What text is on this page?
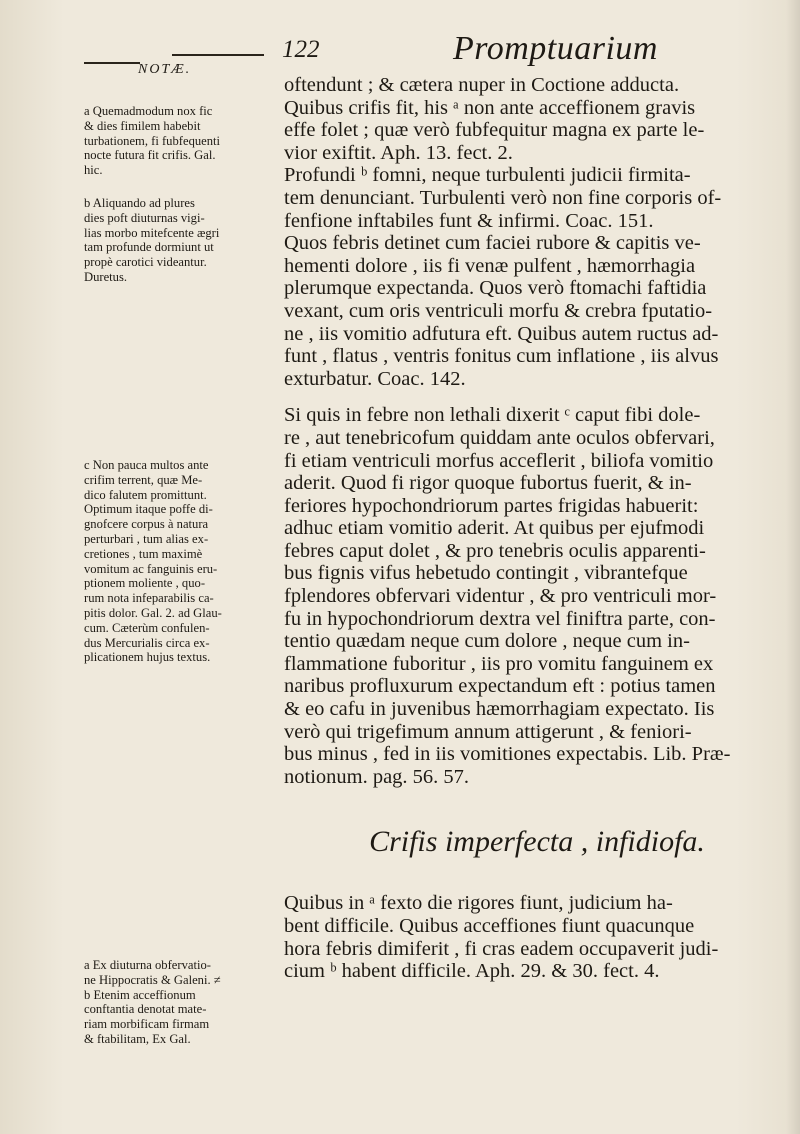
NOTÆ.
122	Promptuarium
oftendunt ; & cætera nuper in Coctione adducta.
Quibus crifis fit, his ᵃ non ante acceffionem gravis
effe folet ; quæ verò fubfequitur magna ex parte le-
vior exiftit. Aph. 13. fect. 2.
Profundi ᵇ fomni, neque turbulenti judicii firmita-
tem denunciant. Turbulenti verò non fine corporis of-
fenfione inftabiles funt & infirmi. Coac. 151.
Quos febris detinet cum faciei rubore & capitis ve-
hementi dolore , iis fi venæ pulfent , hæmorrhagia
plerumque expectanda. Quos verò ftomachi faftidia
vexant, cum oris ventriculi morfu & crebra fputatio-
ne , iis vomitio adfutura eft. Quibus autem ructus ad-
funt , flatus , ventris fonitus cum inflatione , iis alvus
exturbatur. Coac. 142.
Si quis in febre non lethali dixerit ᶜ caput fibi dole-
re , aut tenebricofum quiddam ante oculos obfervari,
fi etiam ventriculi morfus acceflerit , biliofa vomitio
aderit. Quod fi rigor quoque fubortus fuerit, & in-
feriores hypochondriorum partes frigidas habuerit:
adhuc etiam vomitio aderit. At quibus per ejufmodi
febres caput dolet , & pro tenebris oculis apparenti-
bus fignis vifus hebetudo contingit , vibrantefque
fplendores obfervari videntur , & pro ventriculi mor-
fu in hypochondriorum dextra vel finiftra parte, con-
tentio quædam neque cum dolore , neque cum in-
flammatione fuboritur , iis pro vomitu fanguinem ex
naribus profluxurum expectandum eft : potius tamen
& eo cafu in juvenibus hæmorrhagiam expectato. Iis
verò qui trigefimum annum attigerunt , & feniori-
bus minus , fed in iis vomitiones expectabis. Lib. Præ-
notionum. pag. 56. 57.
Crifis imperfecta , infidiofa.
Quibus in ᵃ fexto die rigores fiunt, judicium ha-
bent difficile. Quibus acceffiones fiunt quacunque
hora febris dimiferit , fi cras eadem occupaverit judi-
cium ᵇ habent difficile. Aph. 29. & 30. fect. 4.
a Quemadmodum nox fic
& dies fimilem habebit
turbationem, fi fubfequenti
nocte futura fit crifis. Gal.
hic.
b Aliquando ad plures
dies poft diuturnas vigi-
lias morbo mitefcente ægri
tam profunde dormiunt ut
propè carotici videantur.
Duretus.
c Non pauca multos ante
crifim terrent, quæ Me-
dico falutem promittunt.
Optimum itaque poffe di-
gnofcere corpus à natura
perturbari , tum alias ex-
cretiones , tum maximè
vomitum ac fanguinis eru-
ptionem moliente , quo-
rum nota infeparabilis ca-
pitis dolor. Gal. 2. ad Glau-
cum. Cæterùm confulen-
dus Mercurialis circa ex-
plicationem hujus textus.
a Ex diuturna obfervatio-
ne Hippocratis & Galeni. ≠
b Etenim acceffionum
conftantia denotat mate-
riam morbificam firmam
& ftabilitam, Ex Gal.
